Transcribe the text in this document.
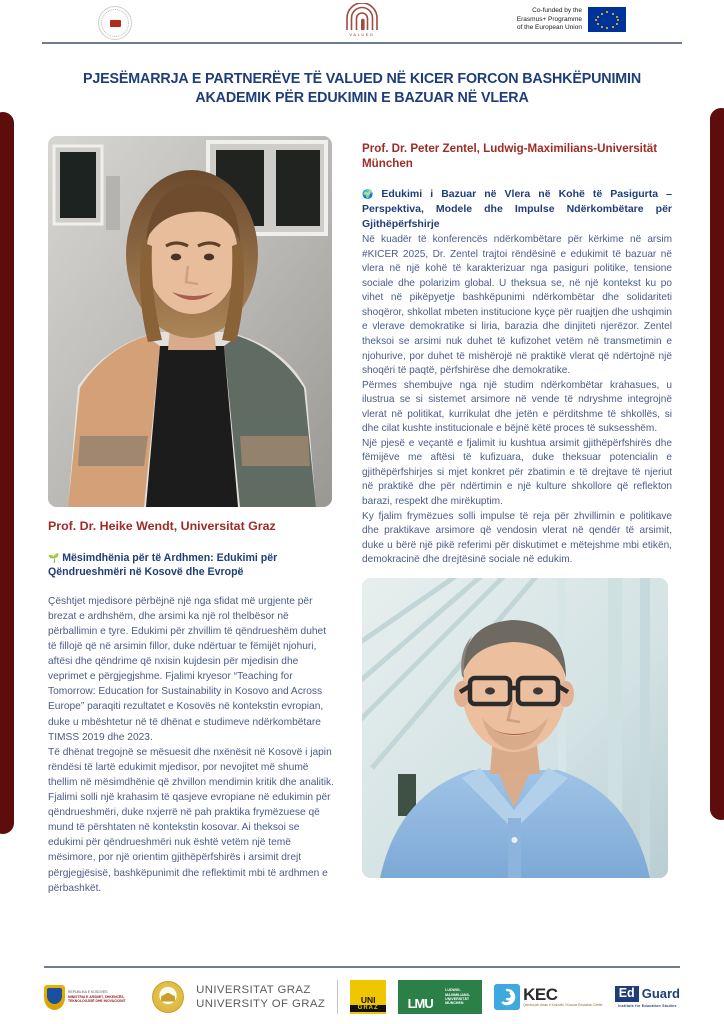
VALUED
Co-funded by the
Erasmus+ Programme
of the European Union
PJESËMARRJA E PARTNERËVE TË VALUED NË KICER FORCON BASHKËPUNIMIN AKADEMIK PËR EDUKIMIN E BAZUAR NË VLERA
Prof. Dr. Heike Wendt, Universitat Graz
🌱 Mësimdhënia për të Ardhmen: Edukimi për Qëndrueshmëri në Kosovë dhe Evropë

Çështjet mjedisore përbëjnë një nga sfidat më urgjente për brezat e ardhshëm, dhe arsimi ka një rol thelbësor në përballimin e tyre. Edukimi për zhvillim të qëndrueshëm duhet të fillojë që në arsimin fillor, duke ndërtuar te fëmijët njohuri, aftësi dhe qëndrime që nxisin kujdesin për mjedisin dhe veprimet e përgjegjshme. Fjalimi kryesor “Teaching for Tomorrow: Education for Sustainability in Kosovo and Across Europe” paraqiti rezultatet e Kosovës në kontekstin evropian, duke u mbështetur në të dhënat e studimeve ndërkombëtare TIMSS 2019 dhe 2023.

Të dhënat tregojnë se mësuesit dhe nxënësit në Kosovë i japin rëndësi të lartë edukimit mjedisor, por nevojitet më shumë thellim në mësimdhënie që zhvillon mendimin kritik dhe analitik.

Fjalimi solli një krahasim të qasjeve evropiane në edukimin për qëndrueshmëri, duke nxjerrë në pah praktika frymëzuese që mund të përshtaten në kontekstin kosovar. Ai theksoi se edukimi për qëndrueshmëri nuk është vetëm një temë mësimore, por një orientim gjithëpërfshirës i arsimit drejt përgjegjësisë, bashkëpunimit dhe reflektimit mbi të ardhmen e përbashkët.

Prof. Dr. Peter Zentel, Ludwig-Maximilians-Universität München
🌍 Edukimi i Bazuar në Vlera në Kohë të Pasigurta – Perspektiva, Modele dhe Impulse Ndërkombëtare për Gjithëpërfshirje

Në kuadër të konferencës ndërkombëtare për kërkime në arsim #KICER 2025, Dr. Zentel trajtoi rëndësinë e edukimit të bazuar në vlera në një kohë të karakterizuar nga pasiguri politike, tensione sociale dhe polarizim global. U theksua se, në një kontekst ku po vihet në pikëpyetje bashkëpunimi ndërkombëtar dhe solidariteti shoqëror, shkollat mbeten institucione kyçe për ruajtjen dhe ushqimin e vlerave demokratike si liria, barazia dhe dinjiteti njerëzor. Zentel theksoi se arsimi nuk duhet të kufizohet vetëm në transmetimin e njohurive, por duhet të mishërojë në praktikë vlerat që ndërtojnë një shoqëri të paqtë, përfshirëse dhe demokratike.

Përmes shembujve nga një studim ndërkombëtar krahasues, u ilustrua se si sistemet arsimore në vende të ndryshme integrojnë vlerat në politikat, kurrikulat dhe jetën e përditshme të shkollës, si dhe cilat kushte institucionale e bëjnë këtë proces të suksesshëm.

Një pjesë e veçantë e fjalimit iu kushtua arsimit gjithëpërfshirës dhe fëmijëve me aftësi të kufizuara, duke theksuar potencialin e gjithëpërfshirjes si mjet konkret për zbatimin e të drejtave të njeriut në praktikë dhe për ndërtimin e një kulture shkollore që reflekton barazi, respekt dhe mirëkuptim.

Ky fjalim frymëzues solli impulse të reja për zhvillimin e politikave dhe praktikave arsimore që vendosin vlerat në qendër të arsimit, duke u bërë një pikë referimi për diskutimet e mëtejshme mbi etikën, demokracinë dhe drejtësinë sociale në edukim.

REPUBLIKA E KOSOVËS
MINISTRIA E ARSIMIT, SHKENCËS,
TEKNOLOGJISË DHE INOVACIONIT
UNIVERSITAT GRAZ
UNIVERSITY OF GRAZ	UNI
GRAZ	LMU
LUDWIG-MAXIMILIANS-UNIVERSITÄT MÜNCHEN	KEC
Qendra për Arsim e Kosovës / Kosova Education Center
Ed Guard
Institute for Education Studies
